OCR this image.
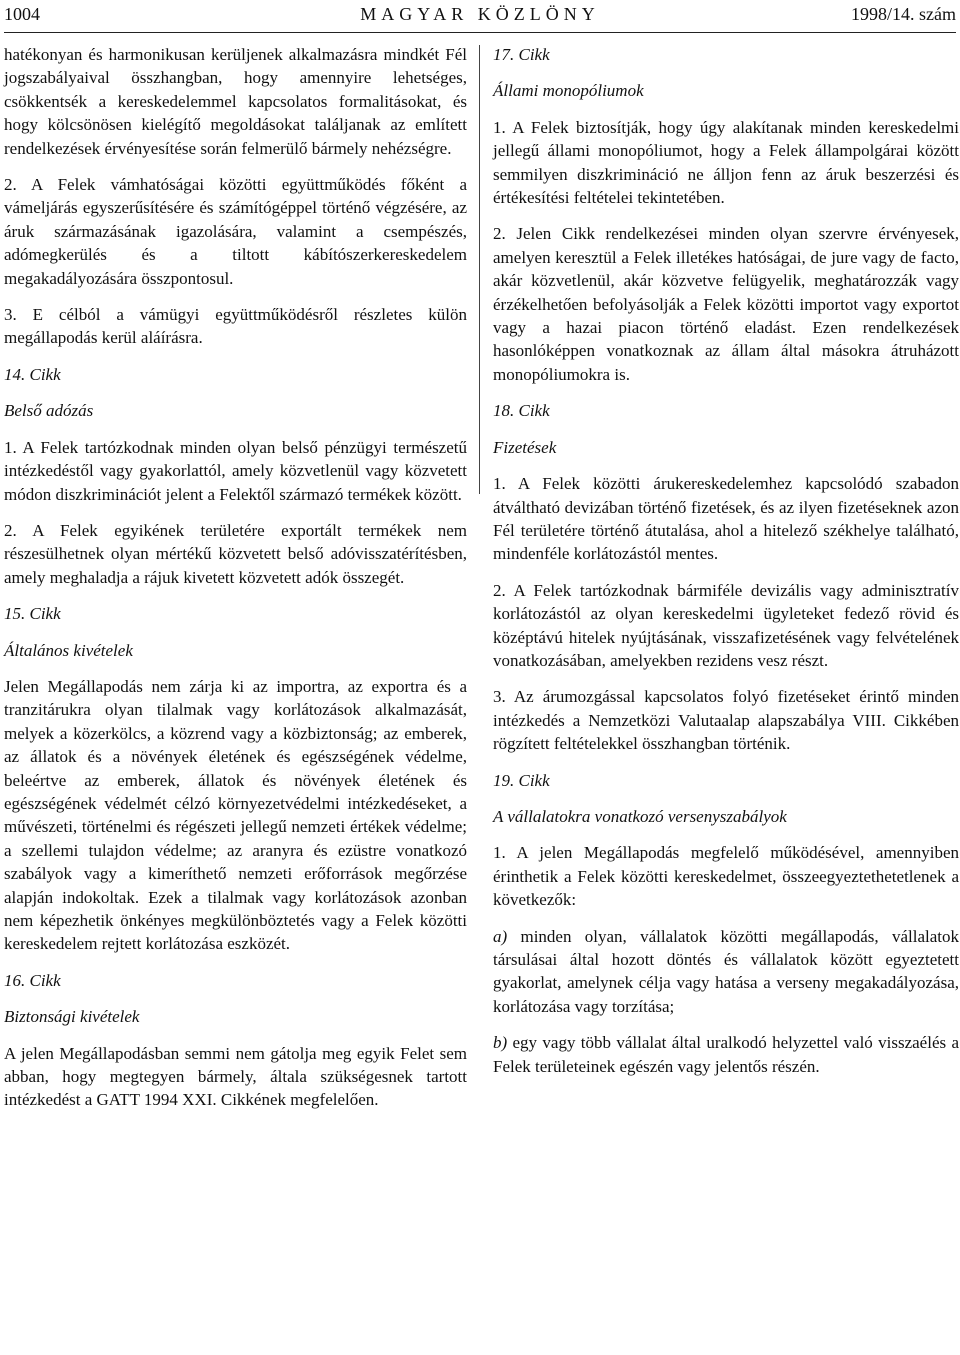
1004	MAGYAR KÖZLÖNY	1998/14. szám

hatékonyan és harmonikusan kerüljenek alkalmazásra mindkét Fél jogszabályaival összhangban, hogy amennyire lehetséges, csökkentsék a kereskedelemmel kapcsolatos formalitásokat, és hogy kölcsönösen kielégítő megoldásokat találjanak az említett rendelkezések érvényesítése során felmerülő bármely nehézségre.

2. A Felek vámhatóságai közötti együttműködés főként a vámeljárás egyszerűsítésére és számítógéppel történő végzésére, az áruk származásának igazolására, valamint a csempészés, adómegkerülés és a tiltott kábítószerkereskedelem megakadályozására összpontosul.

3. E célból a vámügyi együttműködésről részletes külön megállapodás kerül aláírásra.

14. Cikk

Belső adózás

1. A Felek tartózkodnak minden olyan belső pénzügyi természetű intézkedéstől vagy gyakorlattól, amely közvetlenül vagy közvetett módon diszkriminációt jelent a Felektől származó termékek között.

2. A Felek egyikének területére exportált termékek nem részesülhetnek olyan mértékű közvetett belső adóvisszatérítésben, amely meghaladja a rájuk kivetett közvetett adók összegét.

15. Cikk

Általános kivételek

Jelen Megállapodás nem zárja ki az importra, az exportra és a tranzitárukra olyan tilalmak vagy korlátozások alkalmazását, melyek a közerkölcs, a közrend vagy a közbiztonság; az emberek, az állatok és a növények életének és egészségének védelme, beleértve az emberek, állatok és növények életének és egészségének védelmét célzó környezetvédelmi intézkedéseket, a művészeti, történelmi és régészeti jellegű nemzeti értékek védelme; a szellemi tulajdon védelme; az aranyra és ezüstre vonatkozó szabályok vagy a kimeríthető nemzeti erőforrások megőrzése alapján indokoltak. Ezek a tilalmak vagy korlátozások azonban nem képezhetik önkényes megkülönböztetés vagy a Felek közötti kereskedelem rejtett korlátozása eszközét.

16. Cikk

Biztonsági kivételek

A jelen Megállapodásban semmi nem gátolja meg egyik Felet sem abban, hogy megtegyen bármely, általa szükségesnek tartott intézkedést a GATT 1994 XXI. Cikkének megfelelően.

17. Cikk

Állami monopóliumok

1. A Felek biztosítják, hogy úgy alakítanak minden kereskedelmi jellegű állami monopóliumot, hogy a Felek állampolgárai között semmilyen diszkrimináció ne álljon fenn az áruk beszerzési és értékesítési feltételei tekintetében.

2. Jelen Cikk rendelkezései minden olyan szervre érvényesek, amelyen keresztül a Felek illetékes hatóságai, de jure vagy de facto, akár közvetlenül, akár közvetve felügyelik, meghatározzák vagy érzékelhetően befolyásolják a Felek közötti importot vagy exportot vagy a hazai piacon történő eladást. Ezen rendelkezések hasonlóképpen vonatkoznak az állam által másokra átruházott monopóliumokra is.

18. Cikk

Fizetések

1. A Felek közötti árukereskedelemhez kapcsolódó szabadon átváltható devizában történő fizetések, és az ilyen fizetéseknek azon Fél területére történő átutalása, ahol a hitelező székhelye található, mindenféle korlátozástól mentes.

2. A Felek tartózkodnak bármiféle devizális vagy adminisztratív korlátozástól az olyan kereskedelmi ügyleteket fedező rövid és középtávú hitelek nyújtásának, visszafizetésének vagy felvételének vonatkozásában, amelyekben rezidens vesz részt.

3. Az árumozgással kapcsolatos folyó fizetéseket érintő minden intézkedés a Nemzetközi Valutaalap alapszabálya VIII. Cikkében rögzített feltételekkel összhangban történik.

19. Cikk

A vállalatokra vonatkozó versenyszabályok

1. A jelen Megállapodás megfelelő működésével, amennyiben érinthetik a Felek közötti kereskedelmet, összeegyeztethetetlenek a következők:

a) minden olyan, vállalatok közötti megállapodás, vállalatok társulásai által hozott döntés és vállalatok között egyeztetett gyakorlat, amelynek célja vagy hatása a verseny megakadályozása, korlátozása vagy torzítása;

b) egy vagy több vállalat által uralkodó helyzettel való visszaélés a Felek területeinek egészén vagy jelentős részén.
